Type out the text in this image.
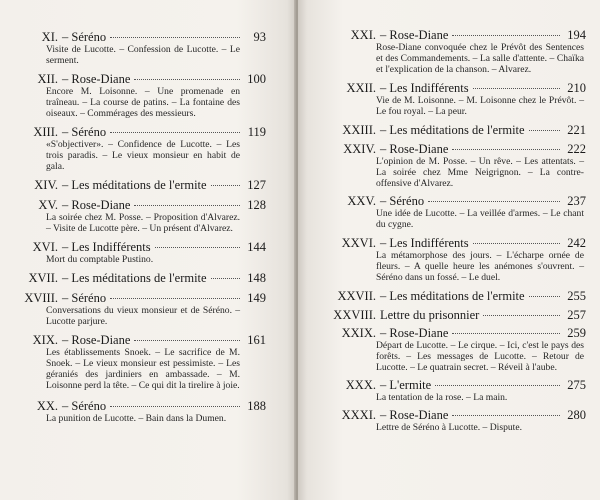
XI. – Séréno	93
Visite de Lucotte. – Confession de Lucotte. – Le serment.
XII. – Rose-Diane	100
Encore M. Loisonne. – Une promenade en traîneau. – La course de patins. – La fontaine des oiseaux. – Commérages des messieurs.
XIII. – Séréno	119
«S'objectiver». – Confidence de Lucotte. – Les trois paradis. – Le vieux monsieur en habit de gala.
XIV. – Les méditations de l'ermite	127
XV. – Rose-Diane	128
La soirée chez M. Posse. – Proposition d'Alvarez. – Visite de Lucotte père. – Un présent d'Alvarez.
XVI. – Les Indifférents	144
Mort du comptable Pustino.
XVII. – Les méditations de l'ermite	148
XVIII. – Séréno	149
Conversations du vieux monsieur et de Séréno. – Lucotte parjure.
XIX. – Rose-Diane	161
Les établissements Snoek. – Le sacrifice de M. Snoek. – Le vieux monsieur est pessimiste. – Les géraniés des jardiniers en ambassade. – M. Loisonne perd la tête. – Ce qui dit la tirelire à joie.
XX. – Séréno	188
La punition de Lucotte. – Bain dans la Dumen.
XXI. – Rose-Diane	194
Rose-Diane convoquée chez le Prévôt des Sentences et des Commandements. – La salle d'attente. – Chaïka et l'explication de la chanson. – Alvarez.
XXII. – Les Indifférents	210
Vie de M. Loisonne. – M. Loisonne chez le Prévôt. – Le fou royal. – La peur.
XXIII. – Les méditations de l'ermite	221
XXIV. – Rose-Diane	222
L'opinion de M. Posse. – Un rêve. – Les attentats. – La soirée chez Mme Neigrignon. – La contre-offensive d'Alvarez.
XXV. – Séréno	237
Une idée de Lucotte. – La veillée d'armes. – Le chant du cygne.
XXVI. – Les Indifférents	242
La métamorphose des jours. – L'écharpe ornée de fleurs. – A quelle heure les anémones s'ouvrent. – Séréno dans un fossé. – Le duel.
XXVII. – Les méditations de l'ermite	255
XXVIII. Lettre du prisonnier	257
XXIX. – Rose-Diane	259
Départ de Lucotte. – Le cirque. – Ici, c'est le pays des forêts. – Les messages de Lucotte. – Retour de Lucotte. – Le quatrain secret. – Réveil à l'aube.
XXX. – L'ermite	275
La tentation de la rose. – La main.
XXXI. – Rose-Diane	280
Lettre de Séréno à Lucotte. – Dispute.
